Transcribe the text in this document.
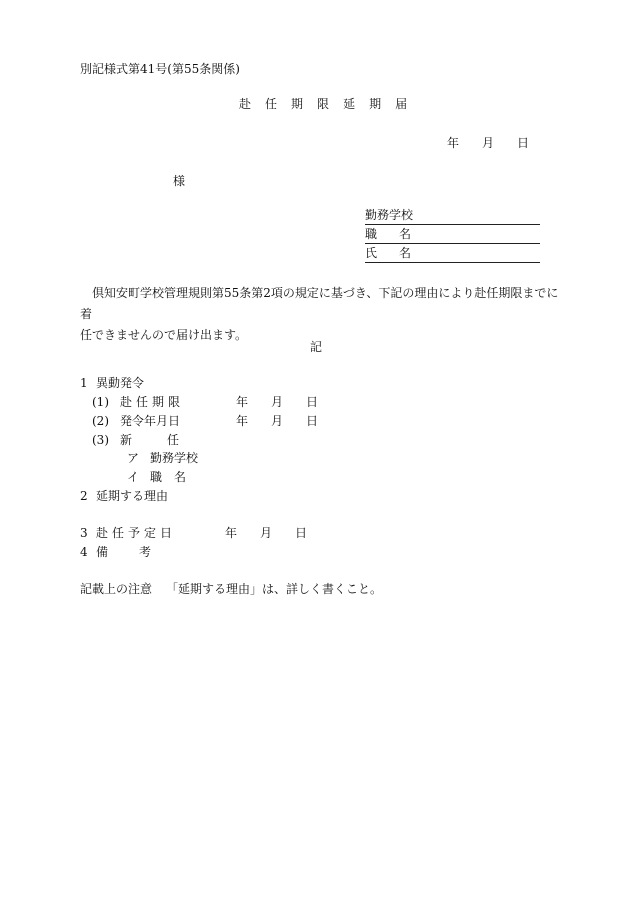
別記様式第41号(第55条関係)
赴 任 期 限 延 期 届
年 月 日
様
勤務学校
職 名
氏 名
倶知安町学校管理規則第55条第2項の規定に基づき、下記の理由により赴任期限までに着
任できませんので届け出ます。
記
1 異動発令
(1) 赴任期限	年 月 日
(2) 発令年月日	年 月 日
(3) 新	任
ア 勤務学校
イ 職 名
2 延期する理由
3 赴任予定日	年 月 日
4 備	考
記載上の注意 「延期する理由」は、詳しく書くこと。
